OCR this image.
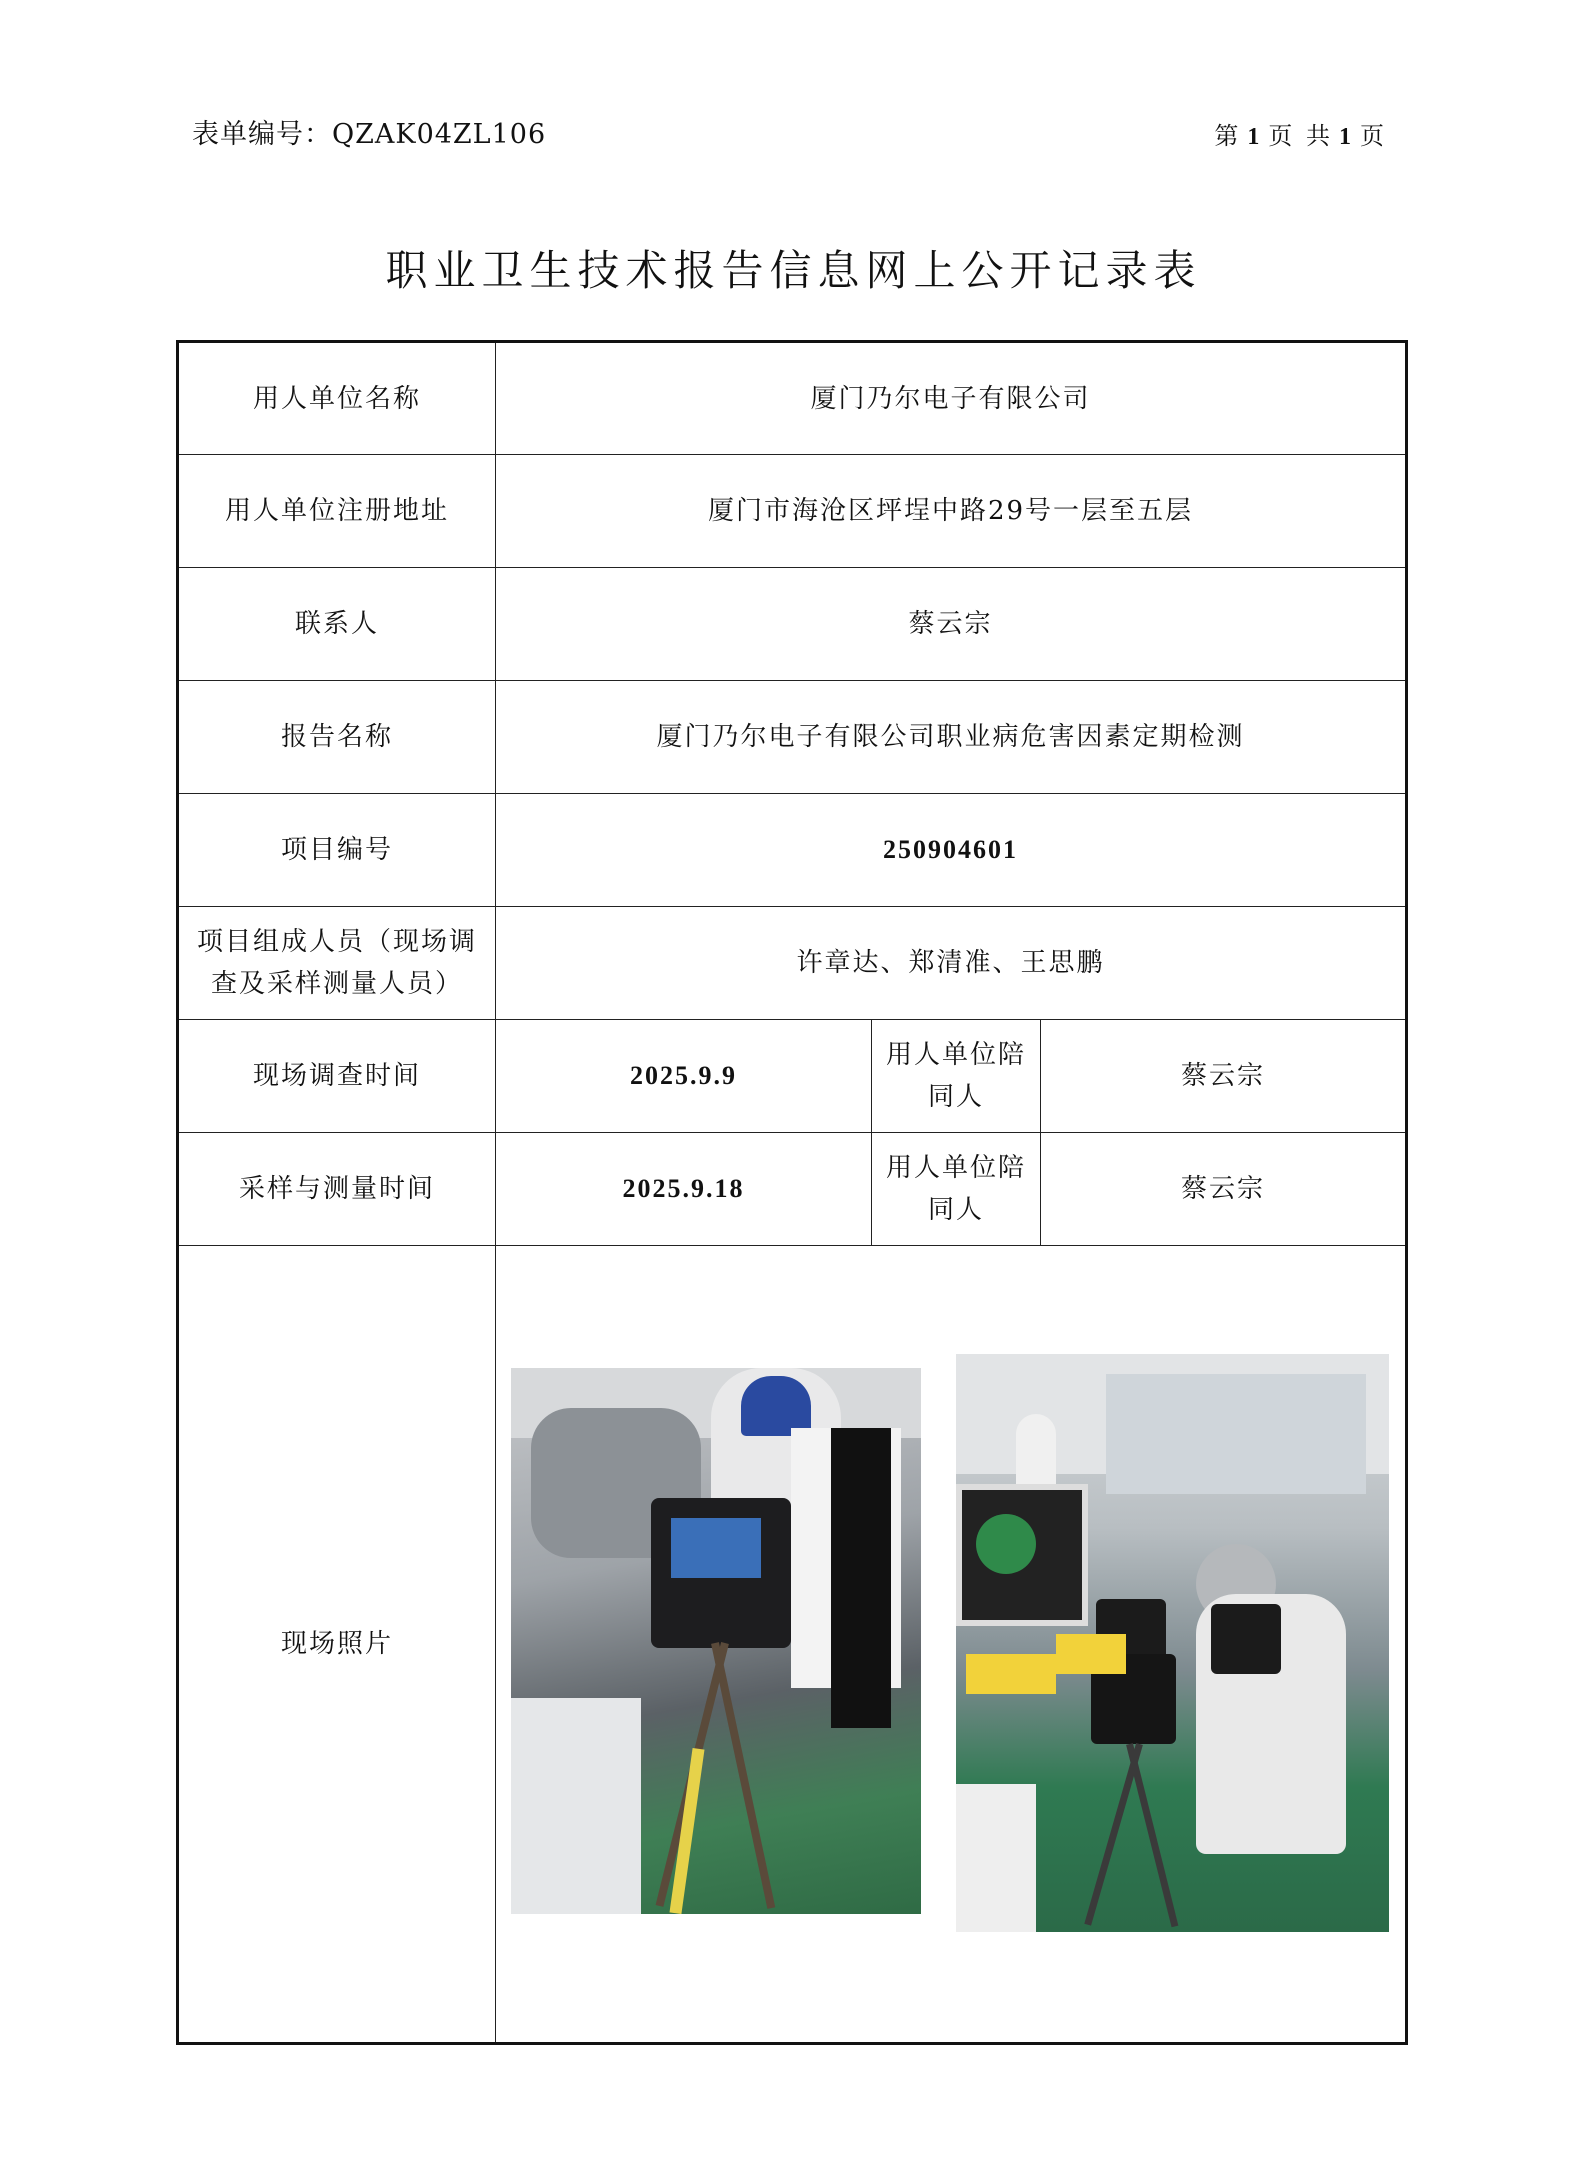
表单编号：QZAK04ZL106	第 1 页 共 1 页
职业卫生技术报告信息网上公开记录表
用人单位名称	厦门乃尔电子有限公司		
用人单位注册地址	厦门市海沧区坪埕中路29号一层至五层		
联系人	蔡云宗		
报告名称	厦门乃尔电子有限公司职业病危害因素定期检测		
项目编号	250904601		
项目组成人员（现场调查及采样测量人员）	许章达、郑清准、王思鹏		
现场调查时间	2025.9.9	用人单位陪同人	蔡云宗
采样与测量时间	2025.9.18	用人单位陪同人	蔡云宗
现场照片			
